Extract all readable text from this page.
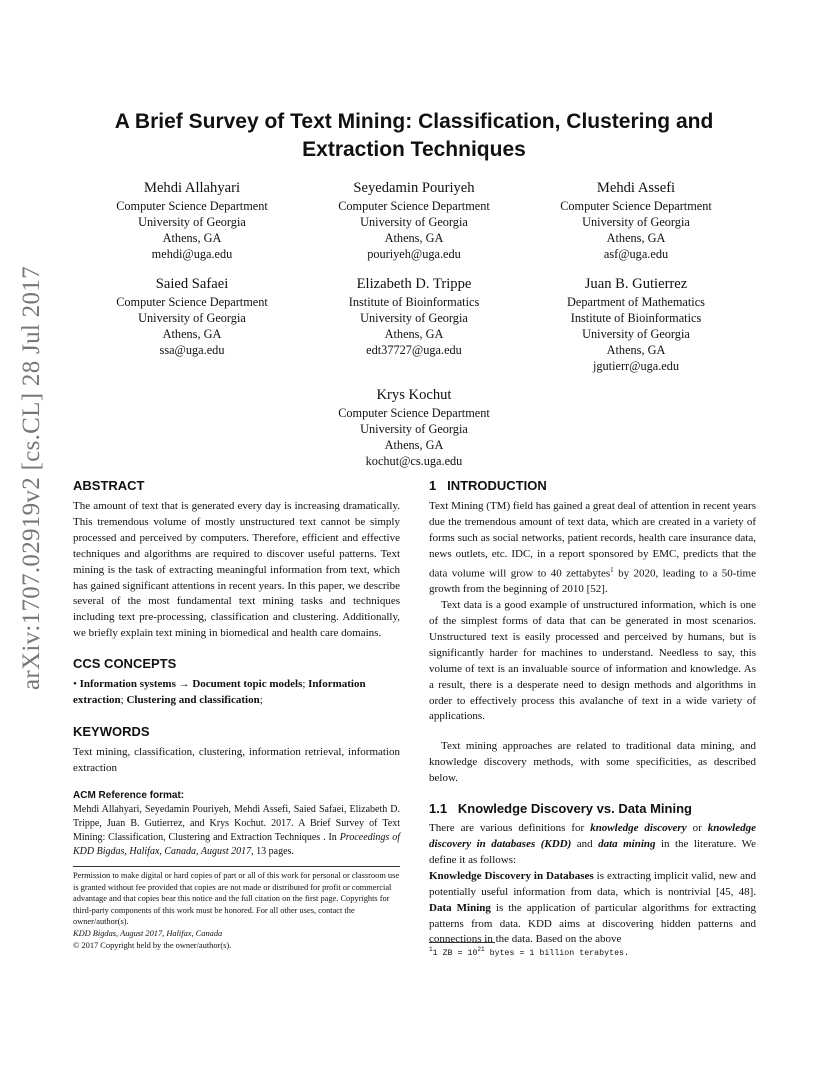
arXiv:1707.02919v2 [cs.CL] 28 Jul 2017
A Brief Survey of Text Mining: Classification, Clustering and
Extraction Techniques
Mehdi Allahyari
Computer Science Department
University of Georgia
Athens, GA
mehdi@uga.edu
Seyedamin Pouriyeh
Computer Science Department
University of Georgia
Athens, GA
pouriyeh@uga.edu
Mehdi Assefi
Computer Science Department
University of Georgia
Athens, GA
asf@uga.edu
Saied Safaei
Computer Science Department
University of Georgia
Athens, GA
ssa@uga.edu
Elizabeth D. Trippe
Institute of Bioinformatics
University of Georgia
Athens, GA
edt37727@uga.edu
Juan B. Gutierrez
Department of Mathematics
Institute of Bioinformatics
University of Georgia
Athens, GA
jgutierr@uga.edu
Krys Kochut
Computer Science Department
University of Georgia
Athens, GA
kochut@cs.uga.edu
ABSTRACT
The amount of text that is generated every day is increasing dramatically. This tremendous volume of mostly unstructured text cannot be simply processed and perceived by computers. Therefore, efficient and effective techniques and algorithms are required to discover useful patterns. Text mining is the task of extracting meaningful information from text, which has gained significant attentions in recent years. In this paper, we describe several of the most fundamental text mining tasks and techniques including text pre-processing, classification and clustering. Additionally, we briefly explain text mining in biomedical and health care domains.
CCS CONCEPTS
• Information systems → Document topic models; Information extraction; Clustering and classification;
KEYWORDS
Text mining, classification, clustering, information retrieval, information extraction
ACM Reference format:
Mehdi Allahyari, Seyedamin Pouriyeh, Mehdi Assefi, Saied Safaei, Elizabeth D. Trippe, Juan B. Gutierrez, and Krys Kochut. 2017. A Brief Survey of Text Mining: Classification, Clustering and Extraction Techniques . In Proceedings of KDD Bigdas, Halifax, Canada, August 2017, 13 pages.
Permission to make digital or hard copies of part or all of this work for personal or classroom use is granted without fee provided that copies are not made or distributed for profit or commercial advantage and that copies bear this notice and the full citation on the first page. Copyrights for third-party components of this work must be honored. For all other uses, contact the owner/author(s).
KDD Bigdas, August 2017, Halifax, Canada
© 2017 Copyright held by the owner/author(s).
1 INTRODUCTION
Text Mining (TM) field has gained a great deal of attention in recent years due the tremendous amount of text data, which are created in a variety of forms such as social networks, patient records, health care insurance data, news outlets, etc. IDC, in a report sponsored by EMC, predicts that the data volume will grow to 40 zettabytes$^1$ by 2020, leading to a 50-time growth from the beginning of 2010 [52].
Text data is a good example of unstructured information, which is one of the simplest forms of data that can be generated in most scenarios. Unstructured text is easily processed and perceived by humans, but is significantly harder for machines to understand. Needless to say, this volume of text is an invaluable source of information and knowledge. As a result, there is a desperate need to design methods and algorithms in order to effectively process this avalanche of text in a wide variety of applications.
Text mining approaches are related to traditional data mining, and knowledge discovery methods, with some specificities, as described below.
1.1 Knowledge Discovery vs. Data Mining
There are various definitions for knowledge discovery or knowledge discovery in databases (KDD) and data mining in the literature. We define it as follows:
Knowledge Discovery in Databases is extracting implicit valid, new and potentially useful information from data, which is nontrivial [45, 48]. Data Mining is the application of particular algorithms for extracting patterns from data. KDD aims at discovering hidden patterns and connections in the data. Based on the above
$^1$1 ZB = $10^{21}$ bytes = 1 billion terabytes.
